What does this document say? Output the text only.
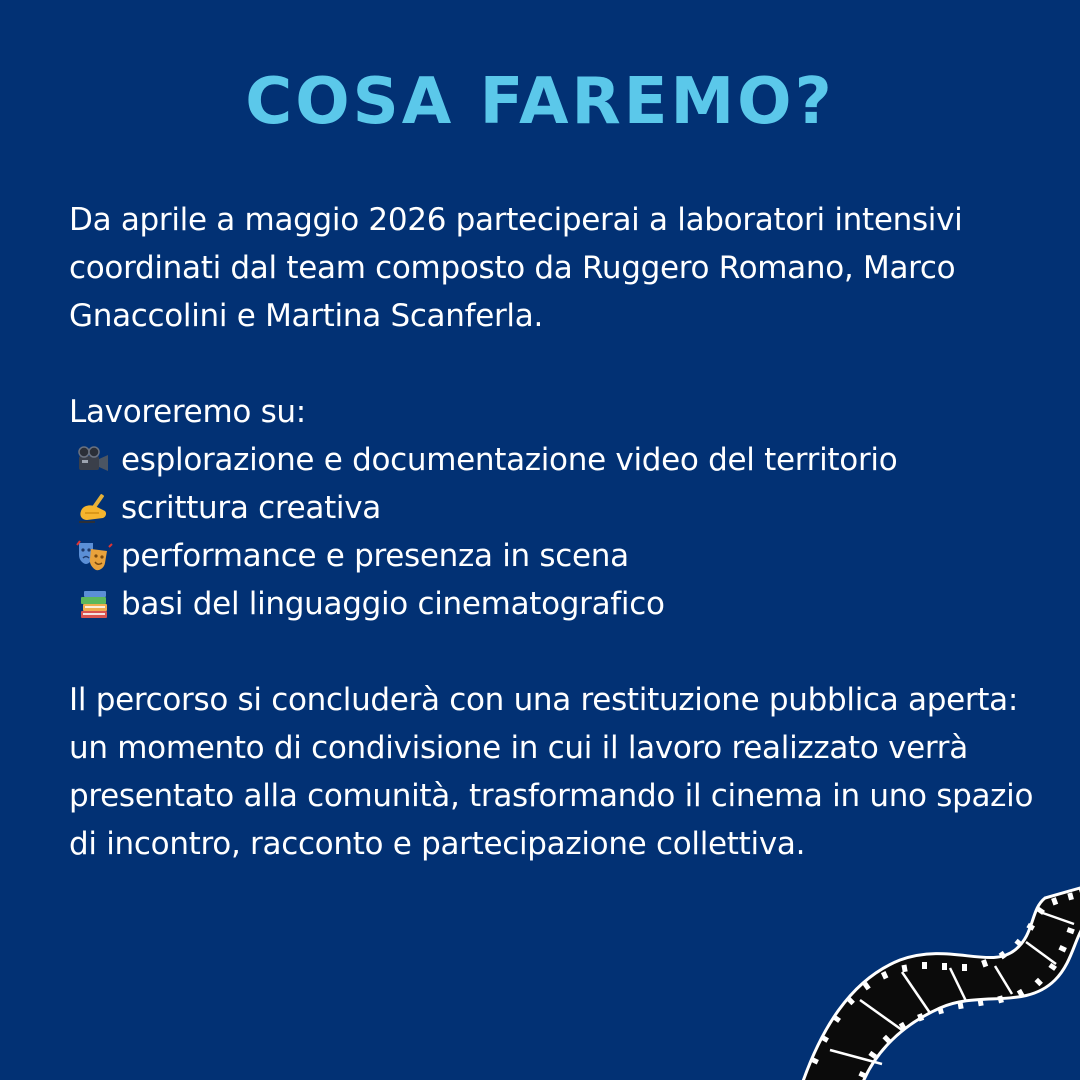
COSA FAREMO?

Da aprile a maggio 2026 parteciperai a laboratori intensivi coordinati dal team composto da Ruggero Romano, Marco Gnaccolini e Martina Scanferla.

Lavoreremo su:
esplorazione e documentazione video del territorio
scrittura creativa
performance e presenza in scena
basi del linguaggio cinematografico

Il percorso si concluderà con una restituzione pubblica aperta: un momento di condivisione in cui il lavoro realizzato verrà presentato alla comunità, trasformando il cinema in uno spazio di incontro, racconto e partecipazione collettiva.
